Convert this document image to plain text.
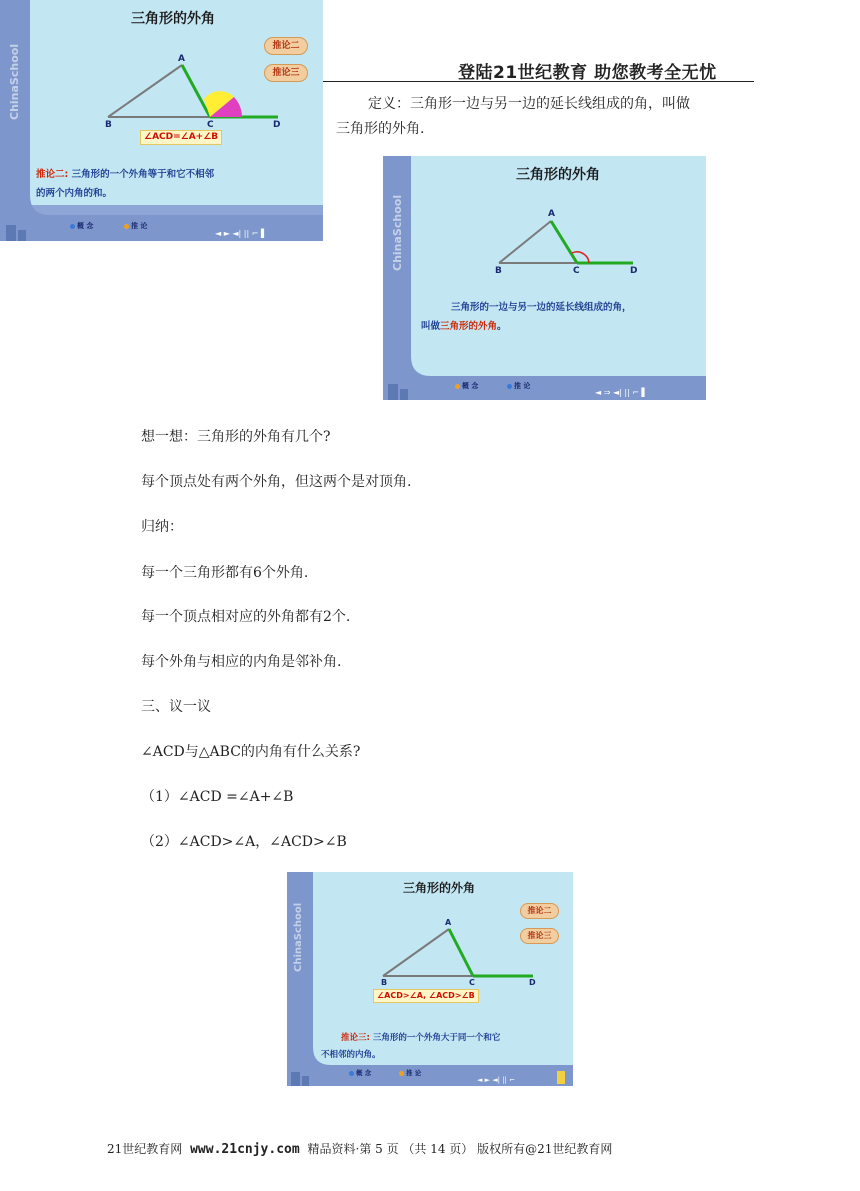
登陆21世纪教育 助您教考全无忧
◄ ► ◄| || ⌐ ▌
ChinaSchool
三角形的外角
推论二
推论三
A
B	C	D
∠ACD=∠A+∠B
推论二: 三角形的一个外角等于和它不相邻
的两个内角的和。
概 念	推 论
定义：三角形一边与另一边的延长线组成的角，叫做
三角形的外角.
◄ ⇒ ◄| || ⌐ ▌
ChinaSchool
三角形的外角
A
B	C	D
三角形的一边与另一边的延长线组成的角，
叫做三角形的外角。
概 念	推 论
想一想：三角形的外角有几个?
每个顶点处有两个外角，但这两个是对顶角.
归纳：
每一个三角形都有6个外角.
每一个顶点相对应的外角都有2个.
每个外角与相应的内角是邻补角.
三、议一议
∠ACD与△ABC的内角有什么关系?
（1）∠ACD =∠A+∠B
（2）∠ACD>∠A，∠ACD>∠B
◄ ► ◄| || ⌐
ChinaSchool
三角形的外角
推论二
推论三
A
B	C	D
∠ACD>∠A, ∠ACD>∠B
推论三: 三角形的一个外角大于同一个和它
不相邻的内角。
概 念	推 论
21世纪教育网 www.21cnjy.com 精品资料·第 5 页 （共 14 页） 版权所有@21世纪教育网
